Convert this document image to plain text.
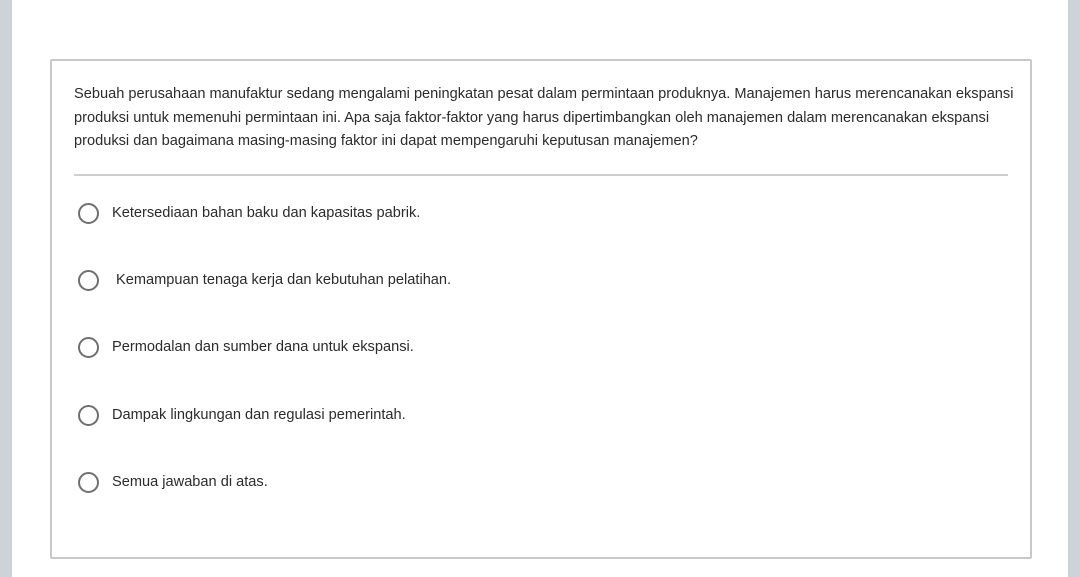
Sebuah perusahaan manufaktur sedang mengalami peningkatan pesat dalam permintaan produknya. Manajemen harus merencanakan ekspansi produksi untuk memenuhi permintaan ini. Apa saja faktor-faktor yang harus dipertimbangkan oleh manajemen dalam merencanakan ekspansi produksi dan bagaimana masing-masing faktor ini dapat mempengaruhi keputusan manajemen?

Ketersediaan bahan baku dan kapasitas pabrik.
Kemampuan tenaga kerja dan kebutuhan pelatihan.
Permodalan dan sumber dana untuk ekspansi.
Dampak lingkungan dan regulasi pemerintah.
Semua jawaban di atas.
